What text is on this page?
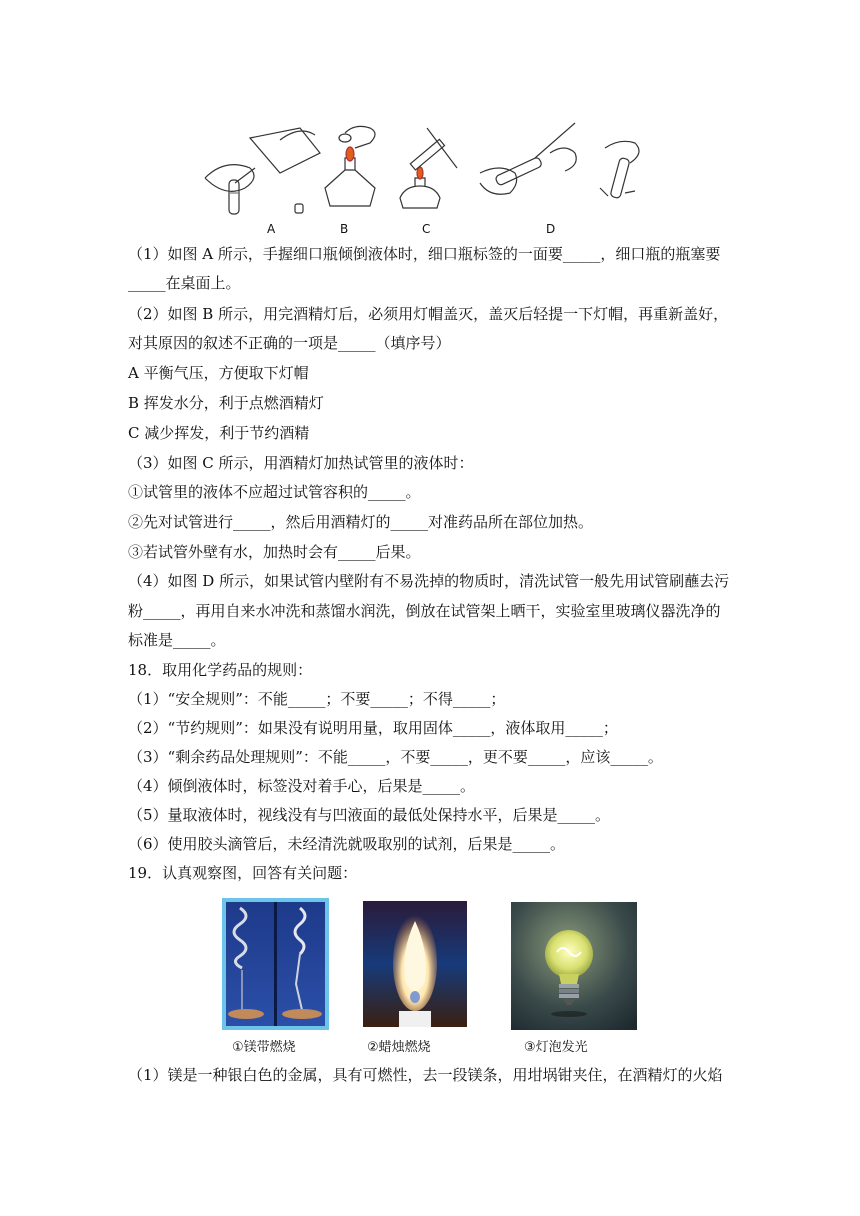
A	B	C	D
（1）如图 A 所示，手握细口瓶倾倒液体时，细口瓶标签的一面要_____，细口瓶的瓶塞要
_____在桌面上。
（2）如图 B 所示，用完酒精灯后，必须用灯帽盖灭，盖灭后轻提一下灯帽，再重新盖好，
对其原因的叙述不正确的一项是_____（填序号）
A 平衡气压，方便取下灯帽
B 挥发水分，利于点燃酒精灯
C 减少挥发，利于节约酒精
（3）如图 C 所示，用酒精灯加热试管里的液体时：
①试管里的液体不应超过试管容积的_____。
②先对试管进行_____，然后用酒精灯的_____对准药品所在部位加热。
③若试管外壁有水，加热时会有_____后果。
（4）如图 D 所示，如果试管内壁附有不易洗掉的物质时，清洗试管一般先用试管刷蘸去污
粉_____，再用自来水冲洗和蒸馏水润洗，倒放在试管架上晒干，实验室里玻璃仪器洗净的
标准是_____。
18．取用化学药品的规则：
（1）“安全规则”：不能_____；不要_____；不得_____；
（2）“节约规则”：如果没有说明用量，取用固体_____，液体取用_____；
（3）“剩余药品处理规则”：不能_____，不要_____，更不要_____，应该_____。
（4）倾倒液体时，标签没对着手心，后果是_____。
（5）量取液体时，视线没有与凹液面的最低处保持水平，后果是_____。
（6）使用胶头滴管后，未经清洗就吸取别的试剂，后果是_____。
19．认真观察图，回答有关问题：
①镁带燃烧	②蜡烛燃烧	③灯泡发光
（1）镁是一种银白色的金属，具有可燃性，去一段镁条，用坩埚钳夹住，在酒精灯的火焰
